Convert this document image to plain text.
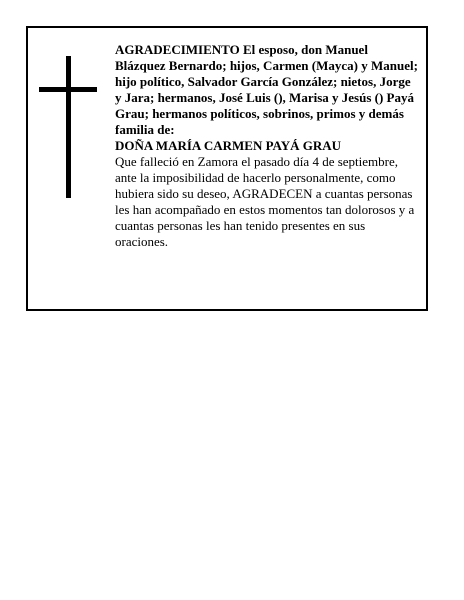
AGRADECIMIENTO El esposo, don Manuel Blázquez Bernardo; hijos, Carmen (Mayca) y Manuel; hijo político, Salvador García González; nietos, Jorge y Jara; hermanos, José Luis (), Marisa y Jesús () Payá Grau; hermanos políticos, sobrinos, primos y demás familia de:

DOÑA MARÍA CARMEN PAYÁ GRAU

Que falleció en Zamora el pasado día 4 de septiembre, ante la imposibilidad de hacerlo personalmente, como hubiera sido su deseo, AGRADECEN a cuantas personas les han acompañado en estos momentos tan dolorosos y a cuantas personas les han tenido presentes en sus oraciones.
